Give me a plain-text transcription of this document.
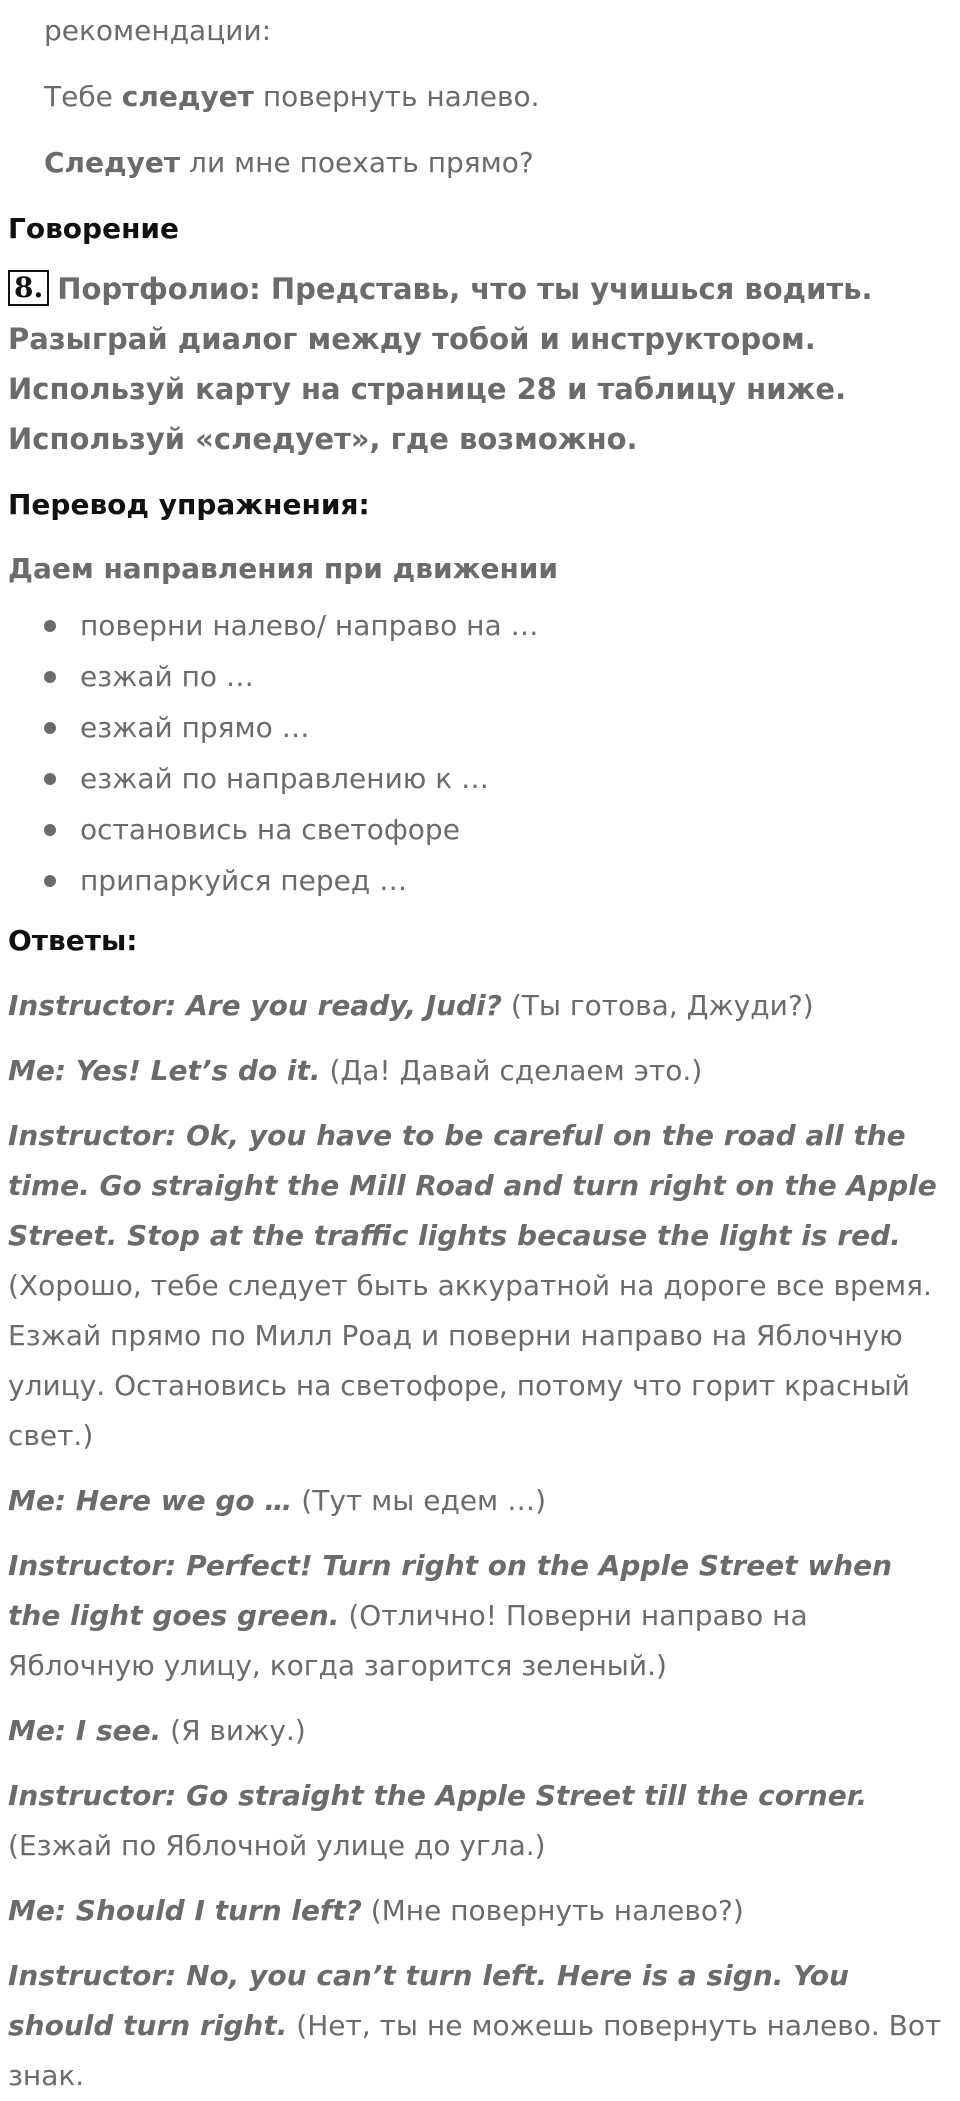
рекомендации:

Тебе следует повернуть налево.

Следует ли мне поехать прямо?

Говорение

8. Портфолио: Представь, что ты учишься водить. Разыграй диалог между тобой и инструктором. Используй карту на странице 28 и таблицу ниже. Используй «следует», где возможно.

Перевод упражнения:

Даем направления при движении

поверни налево/ направо на …
езжай по …
езжай прямо …
езжай по направлению к …
остановись на светофоре
припаркуйся перед …

Ответы:

Instructor: Are you ready, Judi? (Ты готова, Джуди?)

Me: Yes! Let’s do it. (Да! Давай сделаем это.)

Instructor: Ok, you have to be careful on the road all the time. Go straight the Mill Road and turn right on the Apple Street. Stop at the traffic lights because the light is red. (Хорошо, тебе следует быть аккуратной на дороге все время. Езжай прямо по Милл Роад и поверни направо на Яблочную улицу. Остановись на светофоре, потому что горит красный свет.)

Me: Here we go … (Тут мы едем …)

Instructor: Perfect! Turn right on the Apple Street when the light goes green. (Отлично! Поверни направо на Яблочную улицу, когда загорится зеленый.)

Me: I see. (Я вижу.)

Instructor: Go straight the Apple Street till the corner. (Езжай по Яблочной улице до угла.)

Me: Should I turn left? (Мне повернуть налево?)

Instructor: No, you can’t turn left. Here is a sign. You should turn right. (Нет, ты не можешь повернуть налево. Вот знак.
